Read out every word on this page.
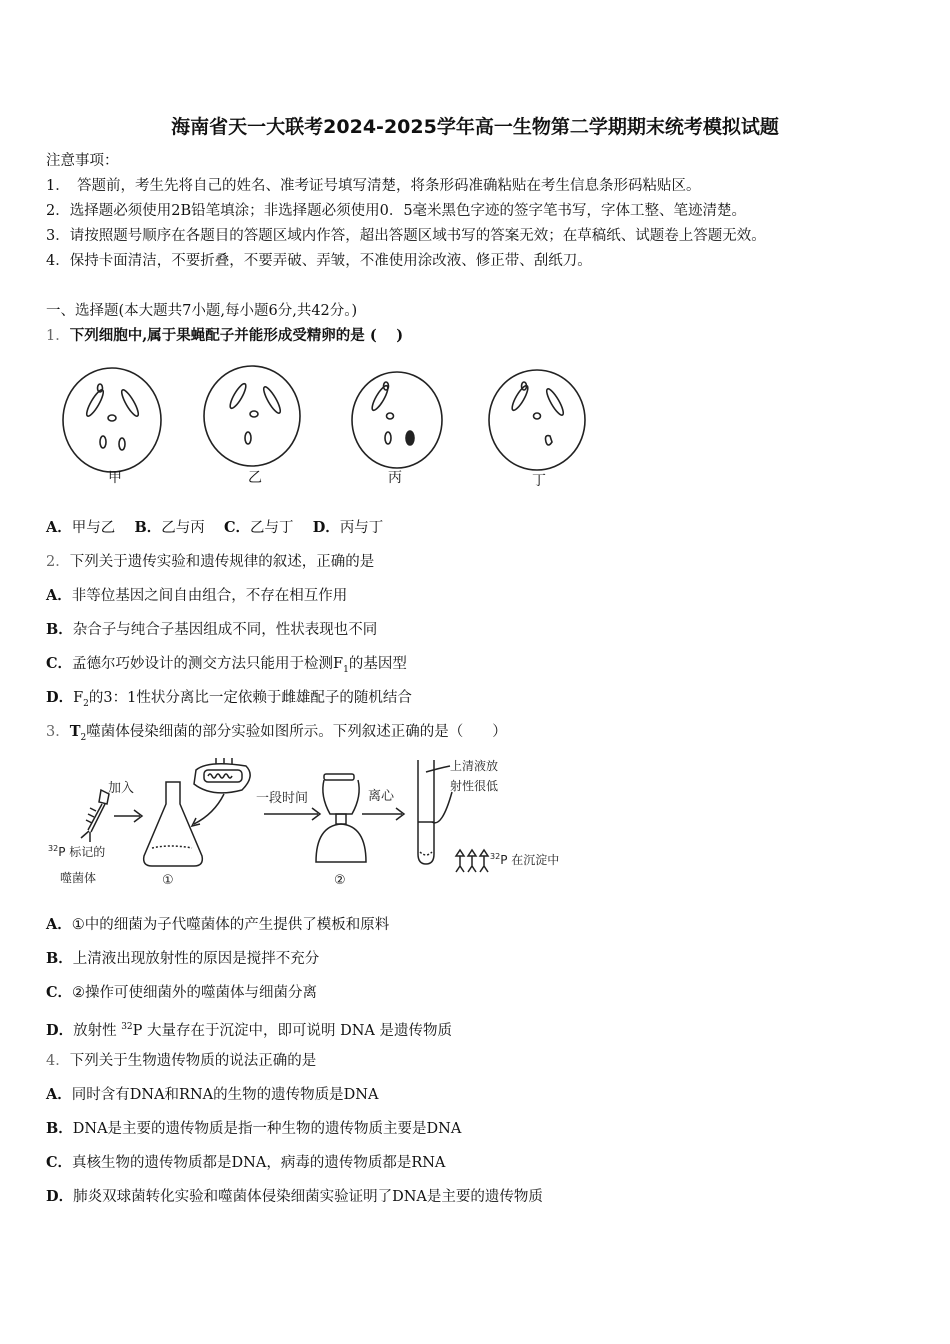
海南省天一大联考2024-2025学年高一生物第二学期期末统考模拟试题
注意事项：
1．　答题前，考生先将自己的姓名、准考证号填写清楚，将条形码准确粘贴在考生信息条形码粘贴区。
2．选择题必须使用2B铅笔填涂；非选择题必须使用0．5毫米黑色字迹的签字笔书写，字体工整、笔迹清楚。
3．请按照题号顺序在各题目的答题区域内作答，超出答题区域书写的答案无效；在草稿纸、试题卷上答题无效。
4．保持卡面清洁，不要折叠，不要弄破、弄皱，不准使用涂改液、修正带、刮纸刀。
一、选择题(本大题共7小题,每小题6分,共42分。)
1．下列细胞中,属于果蝇配子并能形成受精卵的是 (　 )
甲	乙	丙	丁
A．甲与乙 B．乙与丙 C．乙与丁 D．丙与丁
2．下列关于遗传实验和遗传规律的叙述，正确的是
A．非等位基因之间自由组合，不存在相互作用
B．杂合子与纯合子基因组成不同，性状表现也不同
C．孟德尔巧妙设计的测交方法只能用于检测$F_1$的基因型
D．$F_2$的3：1性状分离比一定依赖于雌雄配子的随机结合
3．$T_2$噬菌体侵染细菌的部分实验如图所示。下列叙述正确的是（　　）
加入
$^{32}$P 标记的
噬菌体	①
一段时间
②
离心
上清液放
射性很低
$^{32}$P 在沉淀中
A．①中的细菌为子代噬菌体的产生提供了模板和原料
B．上清液出现放射性的原因是搅拌不充分
C．②操作可使细菌外的噬菌体与细菌分离
D．放射性 $^{32}$P 大量存在于沉淀中，即可说明 DNA 是遗传物质
4．下列关于生物遗传物质的说法正确的是
A．同时含有DNA和RNA的生物的遗传物质是DNA
B．DNA是主要的遗传物质是指一种生物的遗传物质主要是DNA
C．真核生物的遗传物质都是DNA，病毒的遗传物质都是RNA
D．肺炎双球菌转化实验和噬菌体侵染细菌实验证明了DNA是主要的遗传物质
